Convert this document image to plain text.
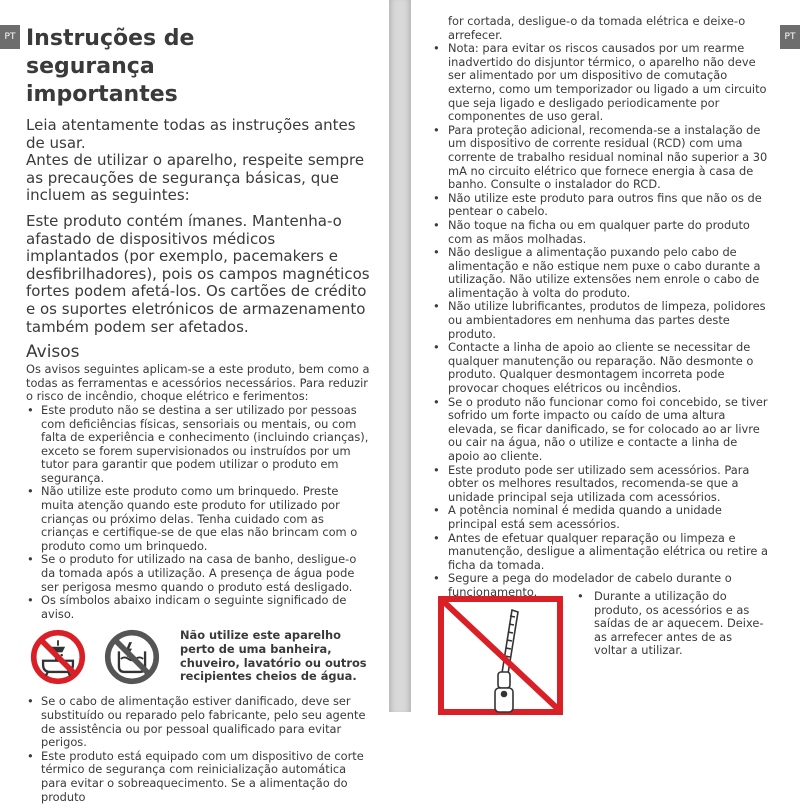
PT Instruções de segurança importantes

Leia atentamente todas as instruções antes de usar.

Antes de utilizar o aparelho, respeite sempre as precauções de segurança básicas, que incluem as seguintes:

Este produto contém ímanes. Mantenha-o afastado de dispositivos médicos implantados (por exemplo, pacemakers e desfibrilhadores), pois os campos magnéticos fortes podem afetá-los. Os cartões de crédito e os suportes eletrónicos de armazenamento também podem ser afetados.

Avisos

Os avisos seguintes aplicam-se a este produto, bem como a todas as ferramentas e acessórios necessários. Para reduzir o risco de incêndio, choque elétrico e ferimentos:

• Este produto não se destina a ser utilizado por pessoas com deficiências físicas, sensoriais ou mentais, ou com falta de experiência e conhecimento (incluindo crianças), exceto se forem supervisionados ou instruídos por um tutor para garantir que podem utilizar o produto em segurança.
• Não utilize este produto como um brinquedo. Preste muita atenção quando este produto for utilizado por crianças ou próximo delas. Tenha cuidado com as crianças e certifique-se de que elas não brincam com o produto como um brinquedo.
• Se o produto for utilizado na casa de banho, desligue-o da tomada após a utilização. A presença de água pode ser perigosa mesmo quando o produto está desligado.
• Os símbolos abaixo indicam o seguinte significado de aviso.
Não utilize este aparelho perto de uma banheira, chuveiro, lavatório ou outros recipientes cheios de água.
• Se o cabo de alimentação estiver danificado, deve ser substituído ou reparado pelo fabricante, pelo seu agente de assistência ou por pessoal qualificado para evitar perigos.
• Este produto está equipado com um dispositivo de corte térmico de segurança com reinicialização automática para evitar o sobreaquecimento. Se a alimentação do produto
PT
for cortada, desligue-o da tomada elétrica e deixe-o arrefecer.
• Nota: para evitar os riscos causados por um rearme inadvertido do disjuntor térmico, o aparelho não deve ser alimentado por um dispositivo de comutação externo, como um temporizador ou ligado a um circuito que seja ligado e desligado periodicamente por componentes de uso geral.
• Para proteção adicional, recomenda-se a instalação de um dispositivo de corrente residual (RCD) com uma corrente de trabalho residual nominal não superior a 30 mA no circuito elétrico que fornece energia à casa de banho. Consulte o instalador do RCD.
• Não utilize este produto para outros fins que não os de pentear o cabelo.
• Não toque na ficha ou em qualquer parte do produto com as mãos molhadas.
• Não desligue a alimentação puxando pelo cabo de alimentação e não estique nem puxe o cabo durante a utilização. Não utilize extensões nem enrole o cabo de alimentação à volta do produto.
• Não utilize lubrificantes, produtos de limpeza, polidores ou ambientadores em nenhuma das partes deste produto.
• Contacte a linha de apoio ao cliente se necessitar de qualquer manutenção ou reparação. Não desmonte o produto. Qualquer desmontagem incorreta pode provocar choques elétricos ou incêndios.
• Se o produto não funcionar como foi concebido, se tiver sofrido um forte impacto ou caído de uma altura elevada, se ficar danificado, se for colocado ao ar livre ou cair na água, não o utilize e contacte a linha de apoio ao cliente.
• Este produto pode ser utilizado sem acessórios. Para obter os melhores resultados, recomenda-se que a unidade principal seja utilizada com acessórios.
• A potência nominal é medida quando a unidade principal está sem acessórios.
• Antes de efetuar qualquer reparação ou limpeza e manutenção, desligue a alimentação elétrica ou retire a ficha da tomada.
• Segure a pega do modelador de cabelo durante o funcionamento.	• Durante a utilização do produto, os acessórios e as saídas de ar aquecem. Deixe-as arrefecer antes de as voltar a utilizar.
